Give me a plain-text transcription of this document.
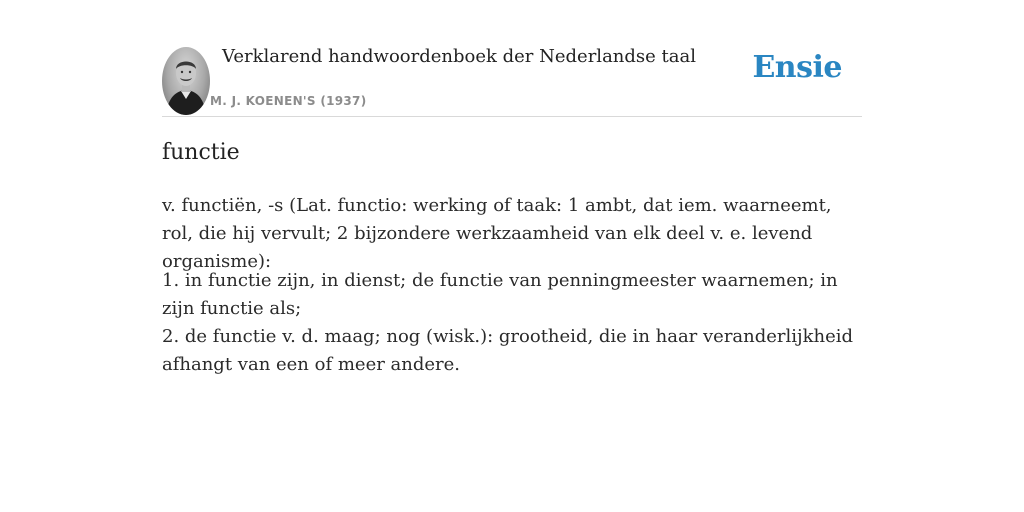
Verklarend handwoordenboek der Nederlandse taal
M. J. KOENEN'S (1937)
Ensie
functie
v. functiën, -s (Lat. functio: werking of taak: 1 ambt, dat iem. waarneemt, rol, die hij vervult; 2 bijzondere werkzaamheid van elk deel v. e. levend organisme):
1. in functie zijn, in dienst; de functie van penningmeester waarnemen; in zijn functie als;
2. de functie v. d. maag; nog (wisk.): grootheid, die in haar veranderlijkheid afhangt van een of meer andere.
